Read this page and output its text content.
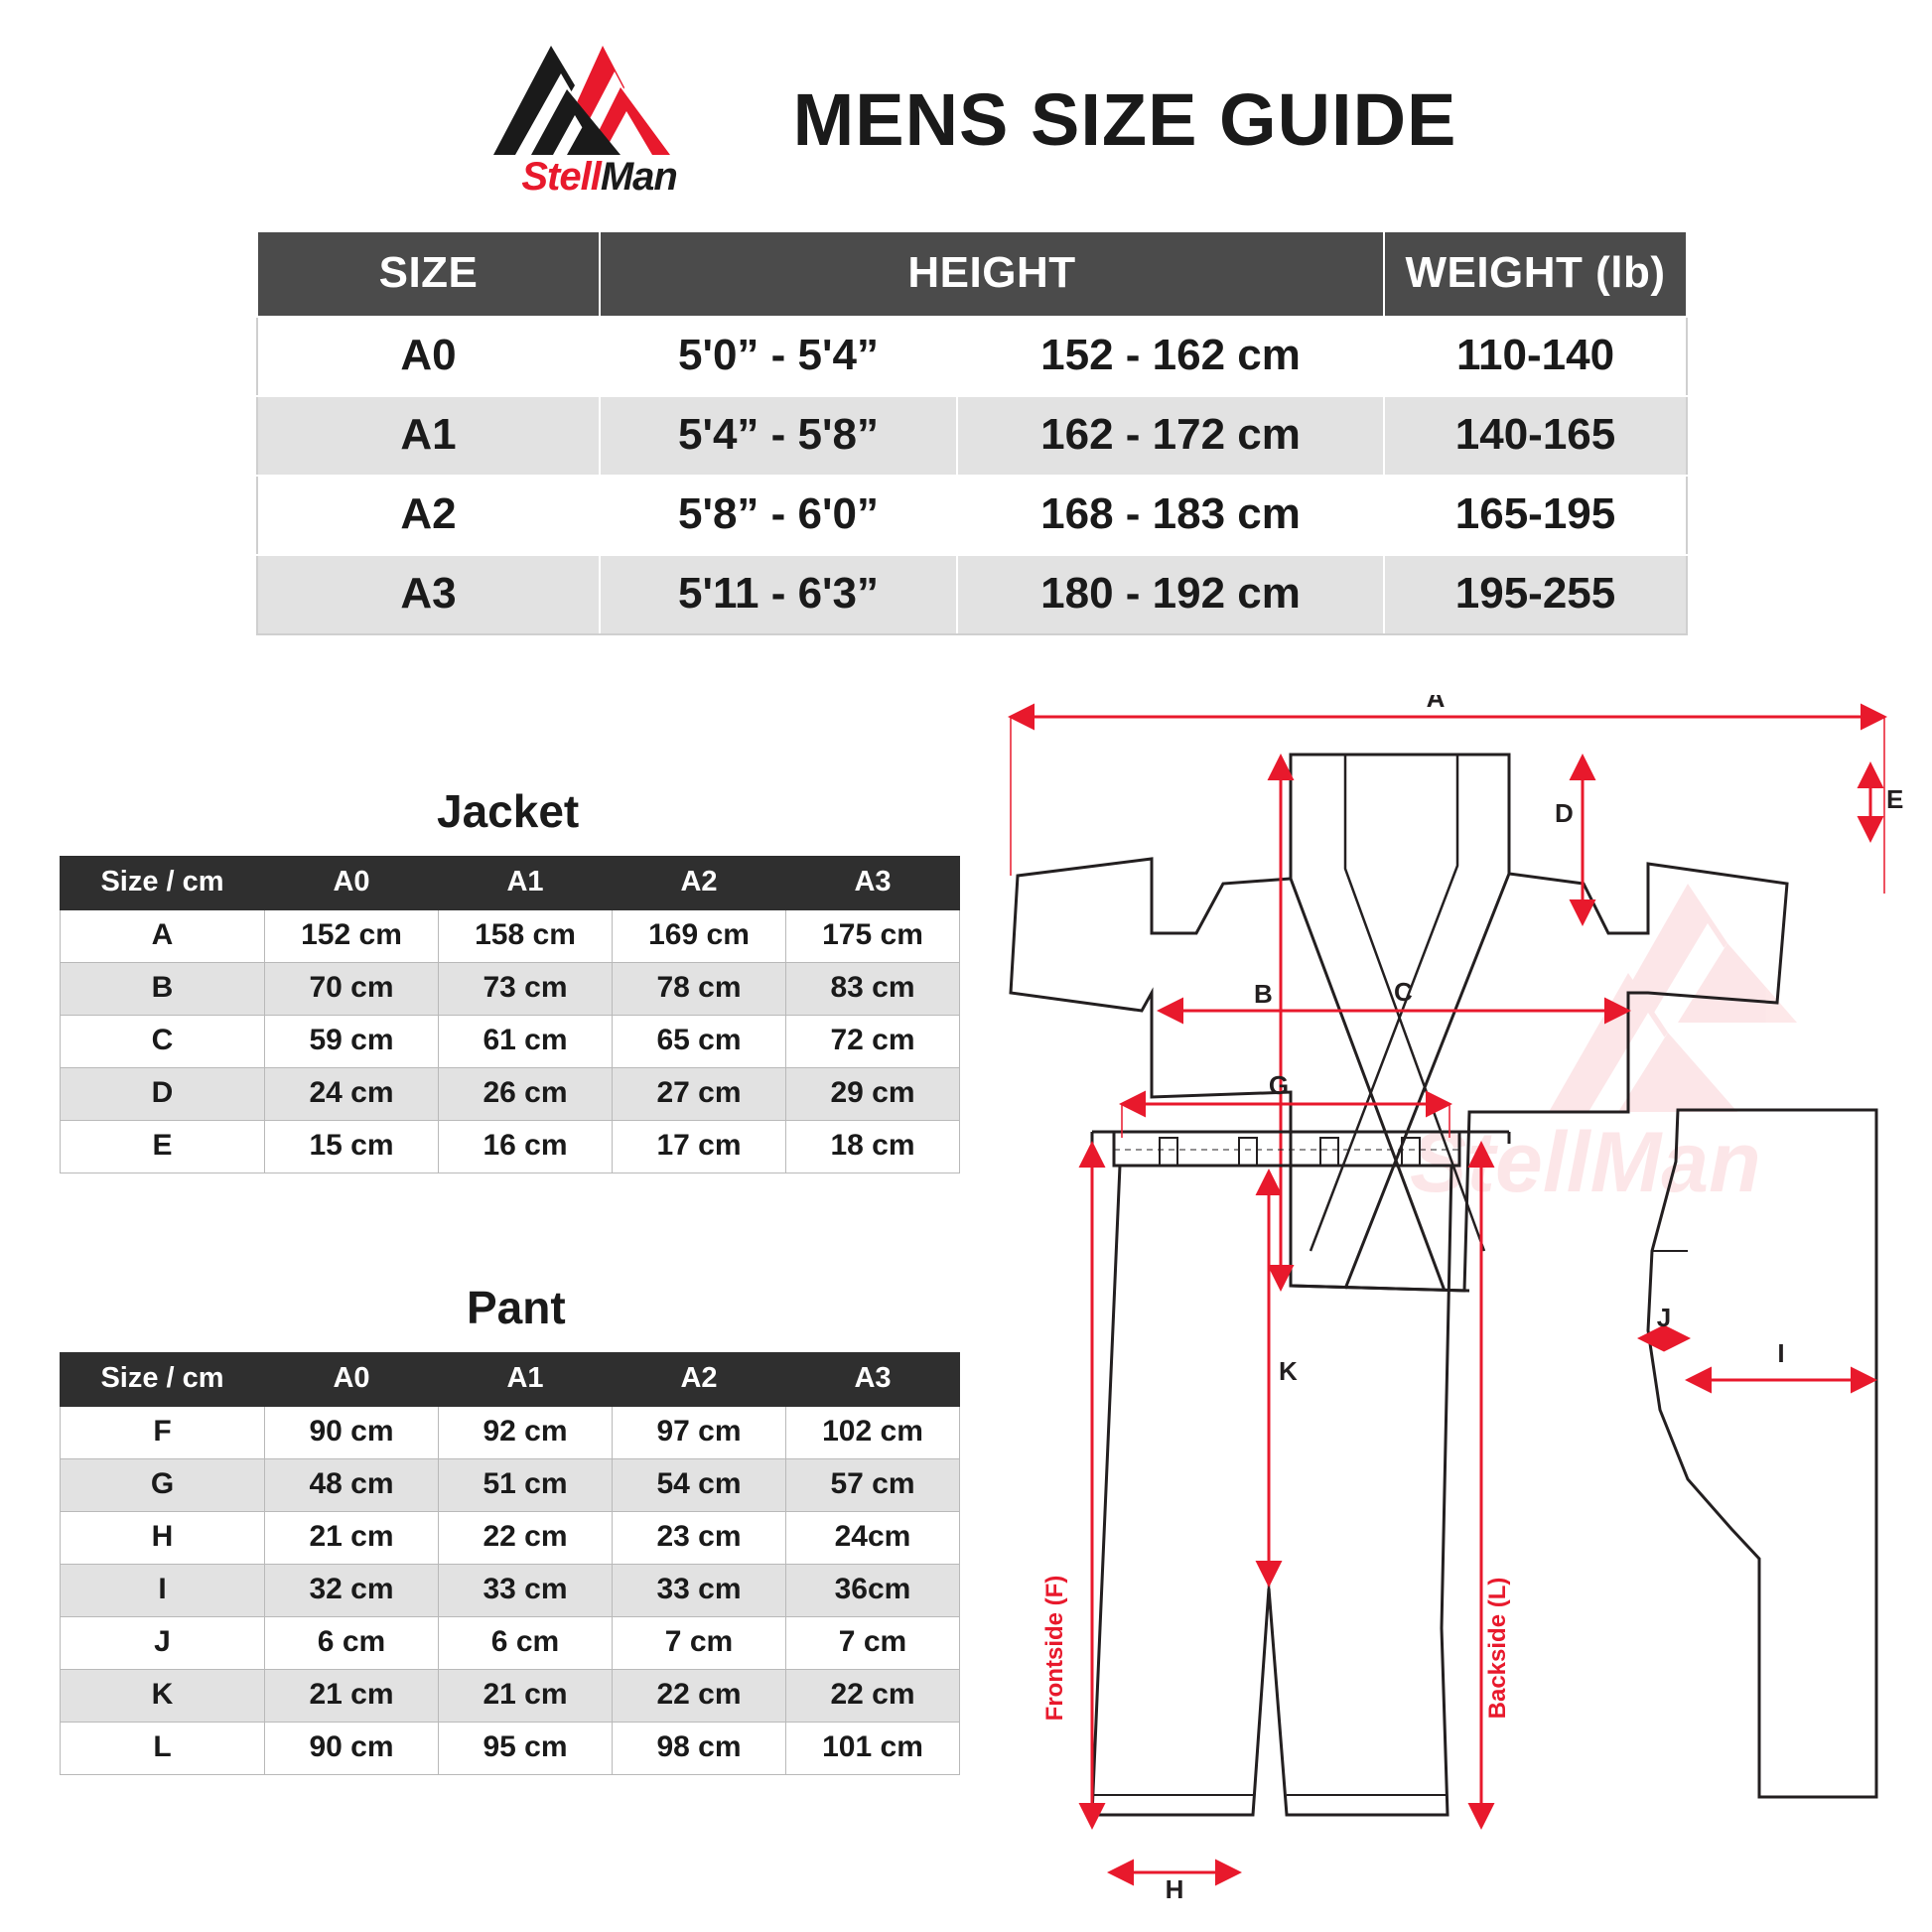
StellMan
MENS SIZE GUIDE
SIZE	HEIGHT		WEIGHT (lb)
A0	5'0” - 5'4”	152 - 162 cm	110-140
A1	5'4” - 5'8”	162 - 172 cm	140-165
A2	5'8” - 6'0”	168 - 183 cm	165-195
A3	5'11 - 6'3”	180 - 192 cm	195-255
Jacket
Size / cm	A0	A1	A2	A3
A	152 cm	158 cm	169 cm	175 cm
B	70 cm	73 cm	78 cm	83 cm
C	59 cm	61 cm	65 cm	72 cm
D	24 cm	26 cm	27 cm	29 cm
E	15 cm	16 cm	17 cm	18 cm
Pant
Size / cm	A0	A1	A2	A3
F	90 cm	92 cm	97 cm	102 cm
G	48 cm	51 cm	54 cm	57 cm
H	21 cm	22 cm	23 cm	24cm
I	32 cm	33 cm	33 cm	36cm
J	6 cm	6 cm	7 cm	7 cm
K	21 cm	21 cm	22 cm	22 cm
L	90 cm	95 cm	98 cm	101 cm
StellMan
A
B	C
D	E
G
K
H
Frontside (F)	Backside (L)
J
I
